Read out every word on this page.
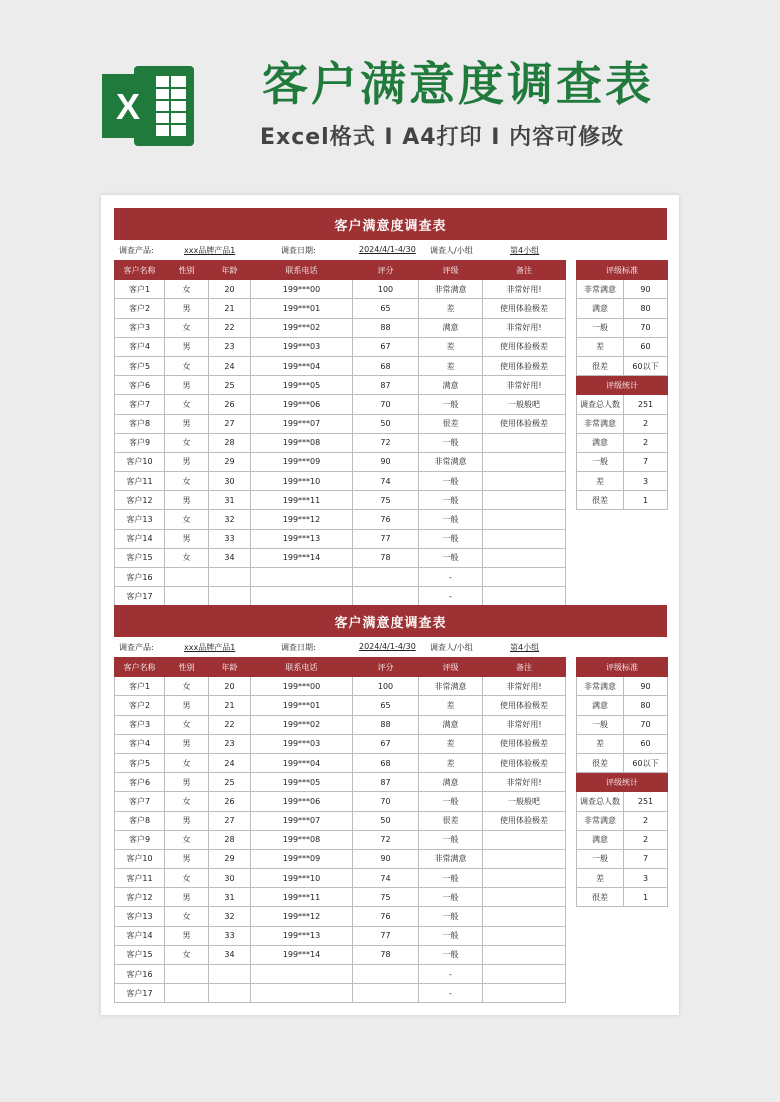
X	客户满意度调查表
Excel格式 I A4打印 I 内容可修改
客户满意度调查表
调查产品:	xxx品牌产品1	调查日期:	2024/4/1-4/30 调查人/小组	第4小组
客户名称	性别	年龄	联系电话	评分	评级	备注
客户1	女	20	199***00	100	非常满意	非常好用!
客户2	男	21	199***01	65	差	使用体验极差
客户3	女	22	199***02	88	满意	非常好用!
客户4	男	23	199***03	67	差	使用体验极差
客户5	女	24	199***04	68	差	使用体验极差
客户6	男	25	199***05	87	满意	非常好用!
客户7	女	26	199***06	70	一般	一般般吧
客户8	男	27	199***07	50	很差	使用体验极差
客户9	女	28	199***08	72	一般	
客户10	男	29	199***09	90	非常满意	
客户11	女	30	199***10	74	一般	
客户12	男	31	199***11	75	一般	
客户13	女	32	199***12	76	一般	
客户14	男	33	199***13	77	一般	
客户15	女	34	199***14	78	一般	
客户16					-	
客户17					-	
评级标准	
非常满意	90
满意	80
一般	70
差	60
很差	60以下
评级统计	
调查总人数	251
非常满意	2
满意	2
一般	7
差	3
很差	1
客户满意度调查表
调查产品:	xxx品牌产品1	调查日期:	2024/4/1-4/30 调查人/小组	第4小组
客户名称	性别	年龄	联系电话	评分	评级	备注
客户1	女	20	199***00	100	非常满意	非常好用!
客户2	男	21	199***01	65	差	使用体验极差
客户3	女	22	199***02	88	满意	非常好用!
客户4	男	23	199***03	67	差	使用体验极差
客户5	女	24	199***04	68	差	使用体验极差
客户6	男	25	199***05	87	满意	非常好用!
客户7	女	26	199***06	70	一般	一般般吧
客户8	男	27	199***07	50	很差	使用体验极差
客户9	女	28	199***08	72	一般	
客户10	男	29	199***09	90	非常满意	
客户11	女	30	199***10	74	一般	
客户12	男	31	199***11	75	一般	
客户13	女	32	199***12	76	一般	
客户14	男	33	199***13	77	一般	
客户15	女	34	199***14	78	一般	
客户16					-	
客户17					-	
评级标准	
非常满意	90
满意	80
一般	70
差	60
很差	60以下
评级统计	
调查总人数	251
非常满意	2
满意	2
一般	7
差	3
很差	1
